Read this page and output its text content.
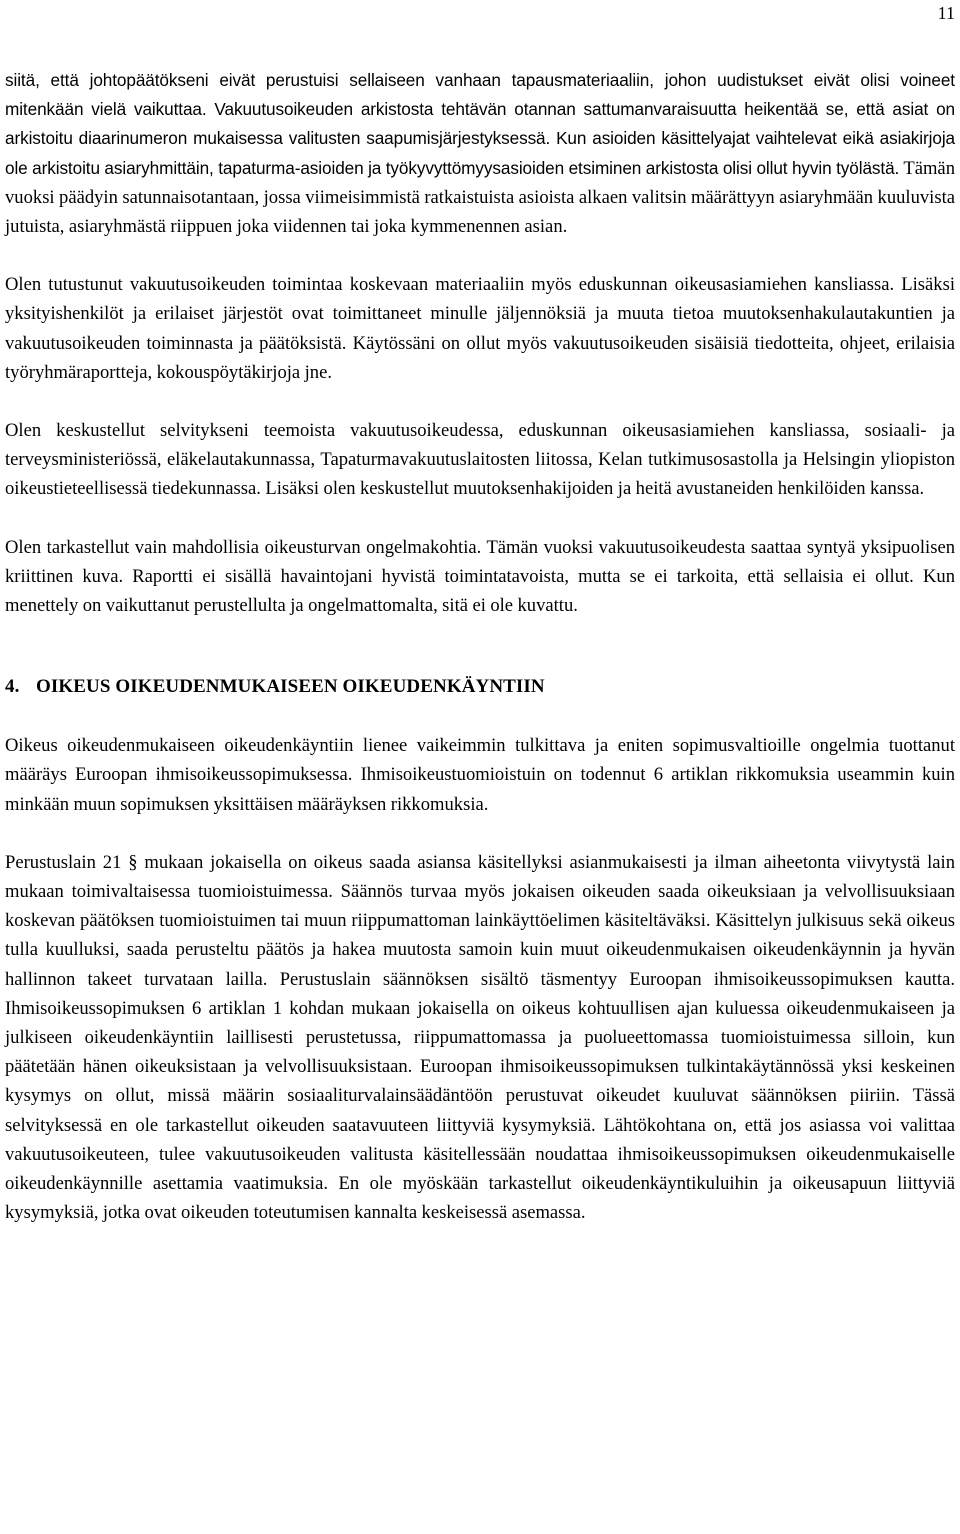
11

siitä, että johtopäätökseni eivät perustuisi sellaiseen vanhaan tapausmateriaaliin, johon uudistukset eivät olisi voineet mitenkään vielä vaikuttaa. Vakuutusoikeuden arkistosta tehtävän otannan sattumanvaraisuutta heikentää se, että asiat on arkistoitu diaarinumeron mukaisessa valitusten saapumisjärjestyksessä. Kun asioiden käsittelyajat vaihtelevat eikä asiakirjoja ole arkistoitu asiaryhmittäin, tapaturma-asioiden ja työkyvyttömyysasioiden etsiminen arkistosta olisi ollut hyvin työlästä. Tämän vuoksi päädyin satunnaisotantaan, jossa viimeisimmistä ratkaistuista asioista alkaen valitsin määrättyyn asiaryhmään kuuluvista jutuista, asiaryhmästä riippuen joka viidennen tai joka kymmenennen asian.

Olen tutustunut vakuutusoikeuden toimintaa koskevaan materiaaliin myös eduskunnan oikeusasiamiehen kansliassa. Lisäksi yksityishenkilöt ja erilaiset järjestöt ovat toimittaneet minulle jäljennöksiä ja muuta tietoa muutoksenhakulautakuntien ja vakuutusoikeuden toiminnasta ja päätöksistä. Käytössäni on ollut myös vakuutusoikeuden sisäisiä tiedotteita, ohjeet, erilaisia työryhmäraportteja, kokouspöytäkirjoja jne.

Olen keskustellut selvitykseni teemoista vakuutusoikeudessa, eduskunnan oikeusasiamiehen kansliassa, sosiaali- ja terveysministeriössä, eläkelautakunnassa, Tapaturmavakuutuslaitosten liitossa, Kelan tutkimusosastolla ja Helsingin yliopiston oikeustieteellisessä tiedekunnassa. Lisäksi olen keskustellut muutoksenhakijoiden ja heitä avustaneiden henkilöiden kanssa.

Olen tarkastellut vain mahdollisia oikeusturvan ongelmakohtia. Tämän vuoksi vakuutusoikeudesta saattaa syntyä yksipuolisen kriittinen kuva. Raportti ei sisällä havaintojani hyvistä toimintatavoista, mutta se ei tarkoita, että sellaisia ei ollut. Kun menettely on vaikuttanut perustellulta ja ongelmattomalta, sitä ei ole kuvattu.

4. OIKEUS OIKEUDENMUKAISEEN OIKEUDENKÄYNTIIN

Oikeus oikeudenmukaiseen oikeudenkäyntiin lienee vaikeimmin tulkittava ja eniten sopimusvaltioille ongelmia tuottanut määräys Euroopan ihmisoikeussopimuksessa. Ihmisoikeustuomioistuin on todennut 6 artiklan rikkomuksia useammin kuin minkään muun sopimuksen yksittäisen määräyksen rikkomuksia.

Perustuslain 21 § mukaan jokaisella on oikeus saada asiansa käsitellyksi asianmukaisesti ja ilman aiheetonta viivytystä lain mukaan toimivaltaisessa tuomioistuimessa. Säännös turvaa myös jokaisen oikeuden saada oikeuksiaan ja velvollisuuksiaan koskevan päätöksen tuomioistuimen tai muun riippumattoman lainkäyttöelimen käsiteltäväksi. Käsittelyn julkisuus sekä oikeus tulla kuulluksi, saada perusteltu päätös ja hakea muutosta samoin kuin muut oikeudenmukaisen oikeudenkäynnin ja hyvän hallinnon takeet turvataan lailla. Perustuslain säännöksen sisältö täsmentyy Euroopan ihmisoikeussopimuksen kautta. Ihmisoikeussopimuksen 6 artiklan 1 kohdan mukaan jokaisella on oikeus kohtuullisen ajan kuluessa oikeudenmukaiseen ja julkiseen oikeudenkäyntiin laillisesti perustetussa, riippumattomassa ja puolueettomassa tuomioistuimessa silloin, kun päätetään hänen oikeuksistaan ja velvollisuuksistaan. Euroopan ihmisoikeussopimuksen tulkintakäytännössä yksi keskeinen kysymys on ollut, missä määrin sosiaaliturvalainsäädäntöön perustuvat oikeudet kuuluvat säännöksen piiriin. Tässä selvityksessä en ole tarkastellut oikeuden saatavuuteen liittyviä kysymyksiä. Lähtökohtana on, että jos asiassa voi valittaa vakuutusoikeuteen, tulee vakuutusoikeuden valitusta käsitellessään noudattaa ihmisoikeussopimuksen oikeudenmukaiselle oikeudenkäynnille asettamia vaatimuksia. En ole myöskään tarkastellut oikeudenkäyntikuluihin ja oikeusapuun liittyviä kysymyksiä, jotka ovat oikeuden toteutumisen kannalta keskeisessä asemassa.
